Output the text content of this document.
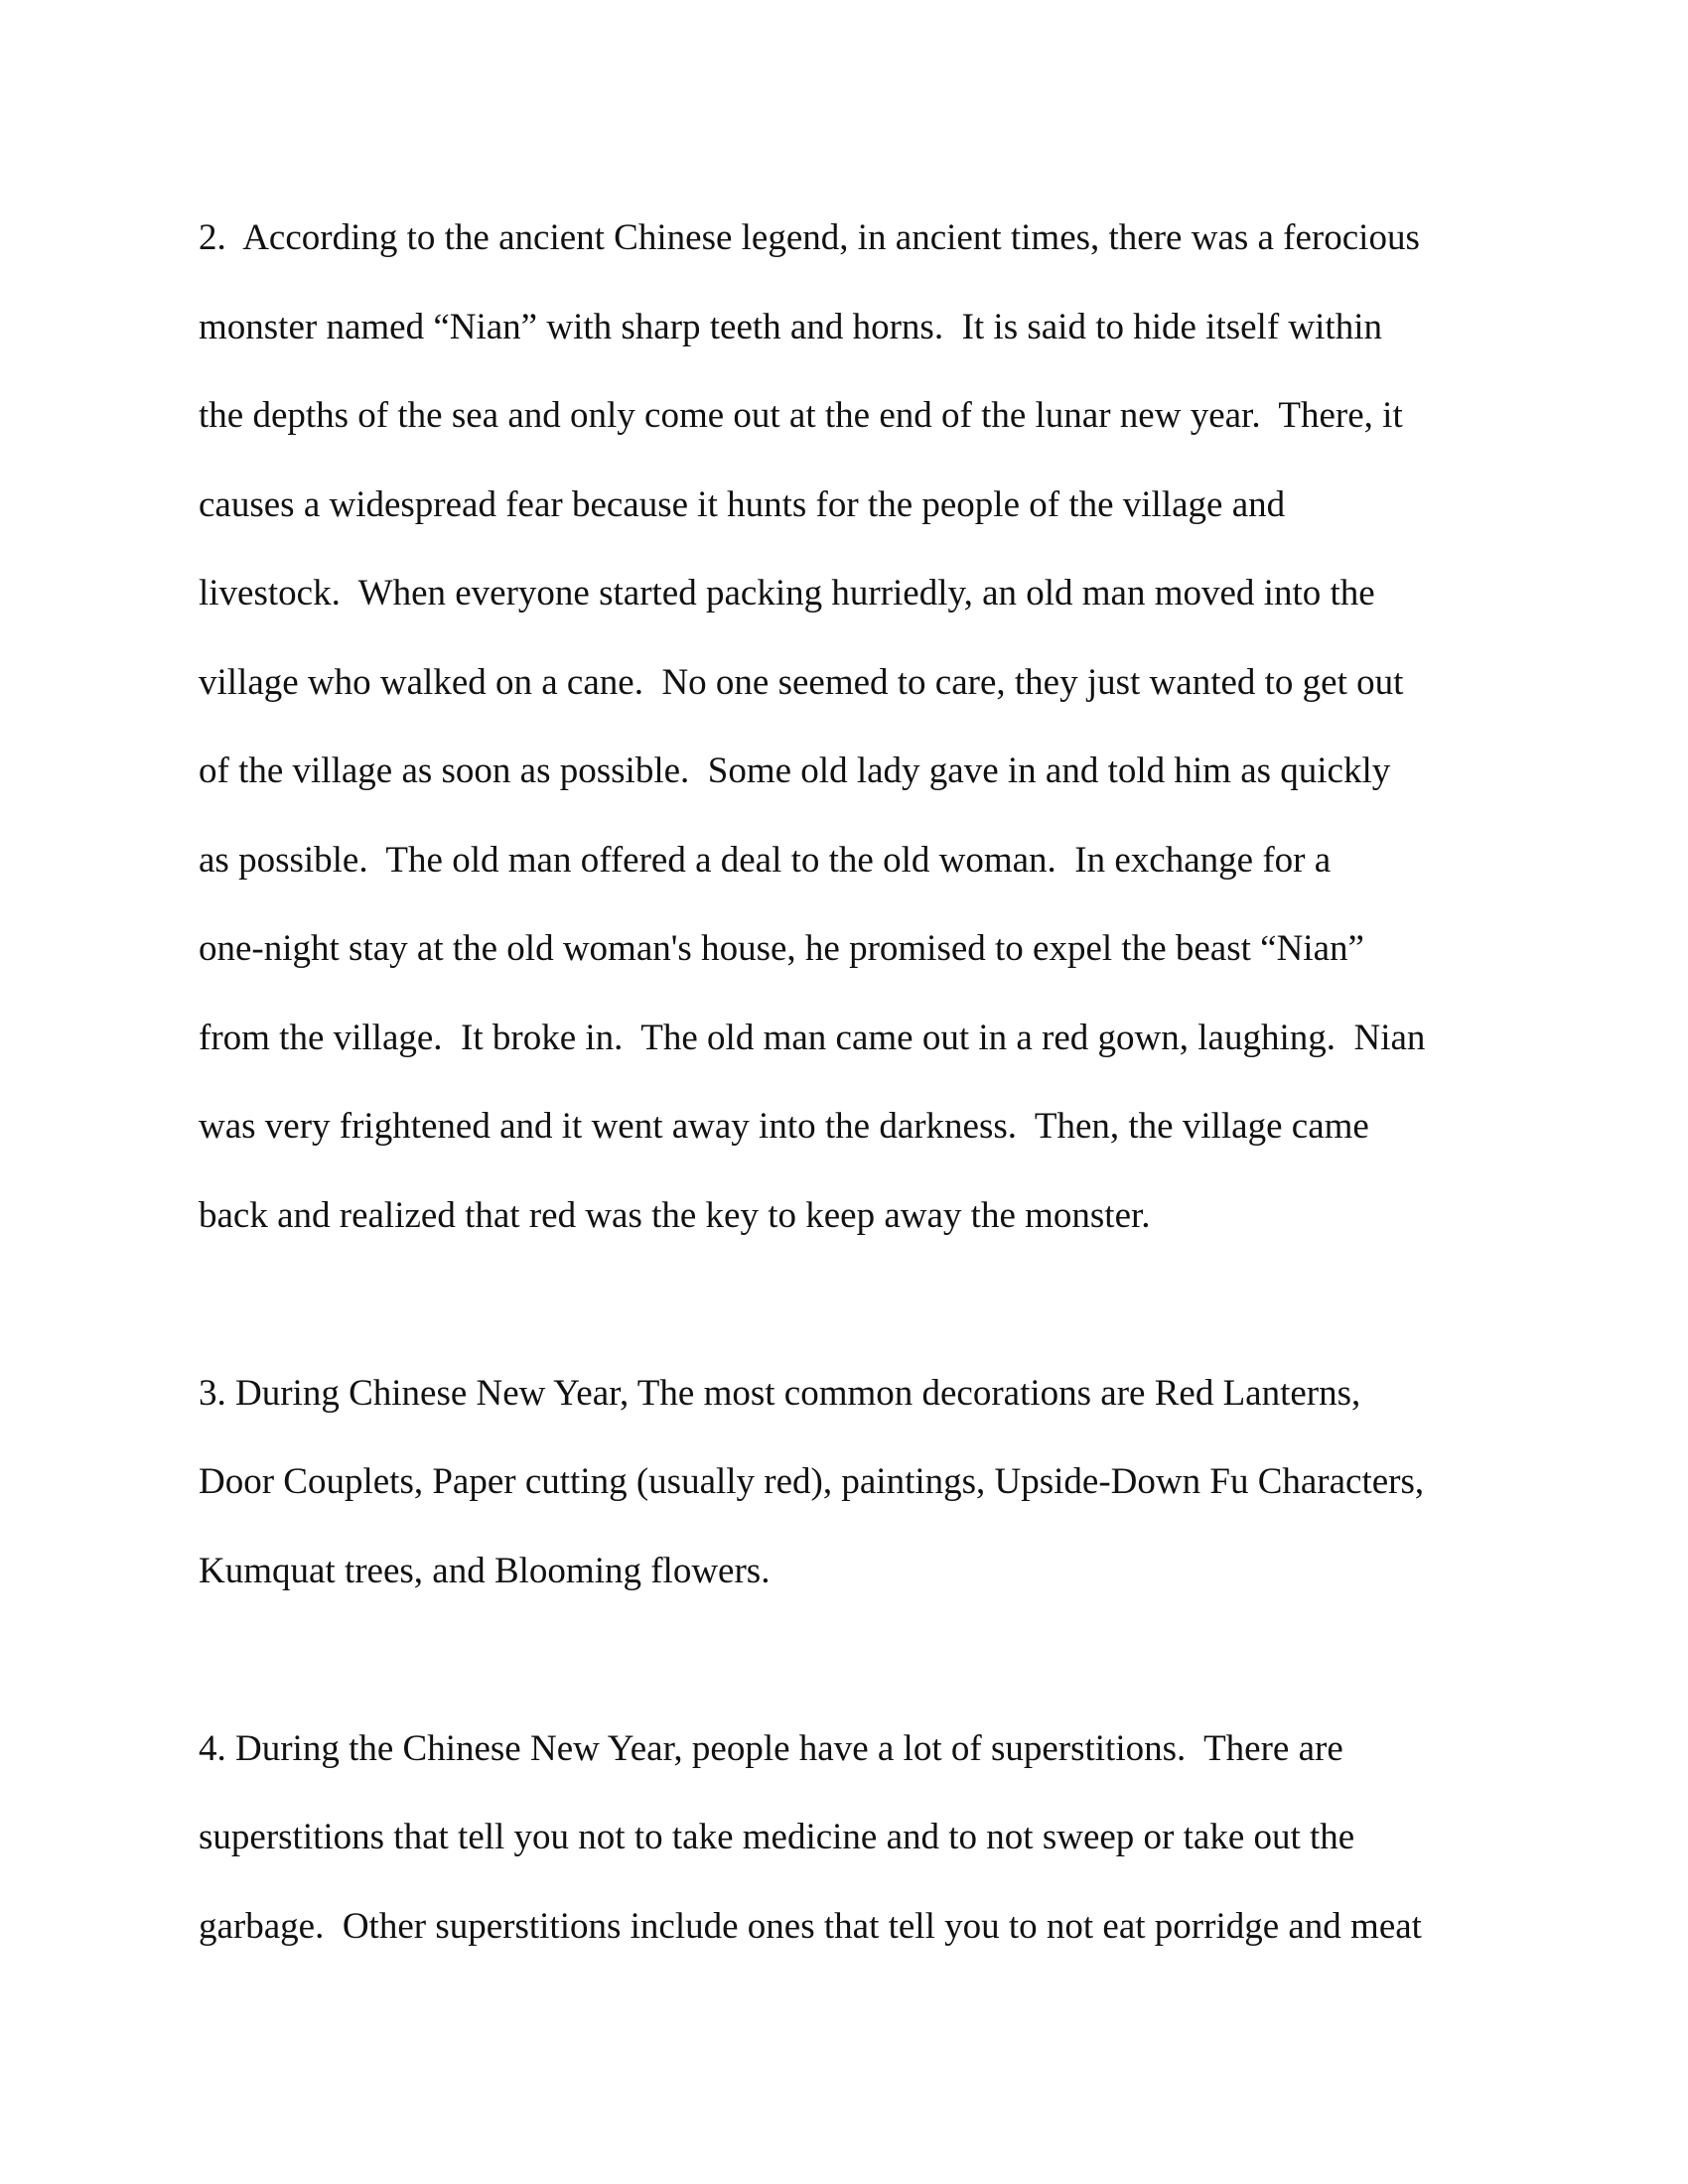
2.  According to the ancient Chinese legend, in ancient times, there was a ferocious
monster named “Nian” with sharp teeth and horns.  It is said to hide itself within
the depths of the sea and only come out at the end of the lunar new year.  There, it
causes a widespread fear because it hunts for the people of the village and
livestock.  When everyone started packing hurriedly, an old man moved into the
village who walked on a cane.  No one seemed to care, they just wanted to get out
of the village as soon as possible.  Some old lady gave in and told him as quickly
as possible.  The old man offered a deal to the old woman.  In exchange for a
one-night stay at the old woman's house, he promised to expel the beast “Nian”
from the village.  It broke in.  The old man came out in a red gown, laughing.  Nian
was very frightened and it went away into the darkness.  Then, the village came
back and realized that red was the key to keep away the monster.
3. During Chinese New Year, The most common decorations are Red Lanterns,
Door Couplets, Paper cutting (usually red), paintings, Upside-Down Fu Characters,
Kumquat trees, and Blooming flowers.
4. During the Chinese New Year, people have a lot of superstitions.  There are
superstitions that tell you not to take medicine and to not sweep or take out the
garbage.  Other superstitions include ones that tell you to not eat porridge and meat
